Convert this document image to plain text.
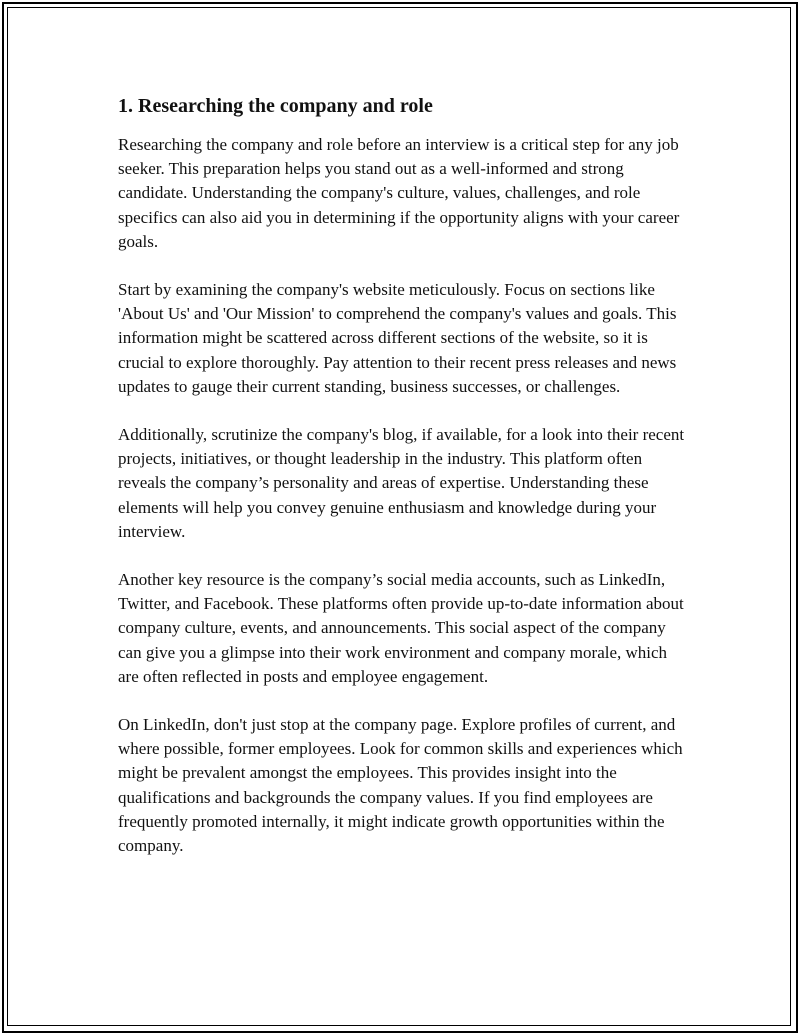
1. Researching the company and role

Researching the company and role before an interview is a critical step for any job seeker. This preparation helps you stand out as a well-informed and strong candidate. Understanding the company's culture, values, challenges, and role specifics can also aid you in determining if the opportunity aligns with your career goals.

Start by examining the company's website meticulously. Focus on sections like 'About Us' and 'Our Mission' to comprehend the company's values and goals. This information might be scattered across different sections of the website, so it is crucial to explore thoroughly. Pay attention to their recent press releases and news updates to gauge their current standing, business successes, or challenges.

Additionally, scrutinize the company's blog, if available, for a look into their recent projects, initiatives, or thought leadership in the industry. This platform often reveals the company’s personality and areas of expertise. Understanding these elements will help you convey genuine enthusiasm and knowledge during your interview.

Another key resource is the company’s social media accounts, such as LinkedIn, Twitter, and Facebook. These platforms often provide up-to-date information about company culture, events, and announcements. This social aspect of the company can give you a glimpse into their work environment and company morale, which are often reflected in posts and employee engagement.

On LinkedIn, don't just stop at the company page. Explore profiles of current, and where possible, former employees. Look for common skills and experiences which might be prevalent amongst the employees. This provides insight into the qualifications and backgrounds the company values. If you find employees are frequently promoted internally, it might indicate growth opportunities within the company.
